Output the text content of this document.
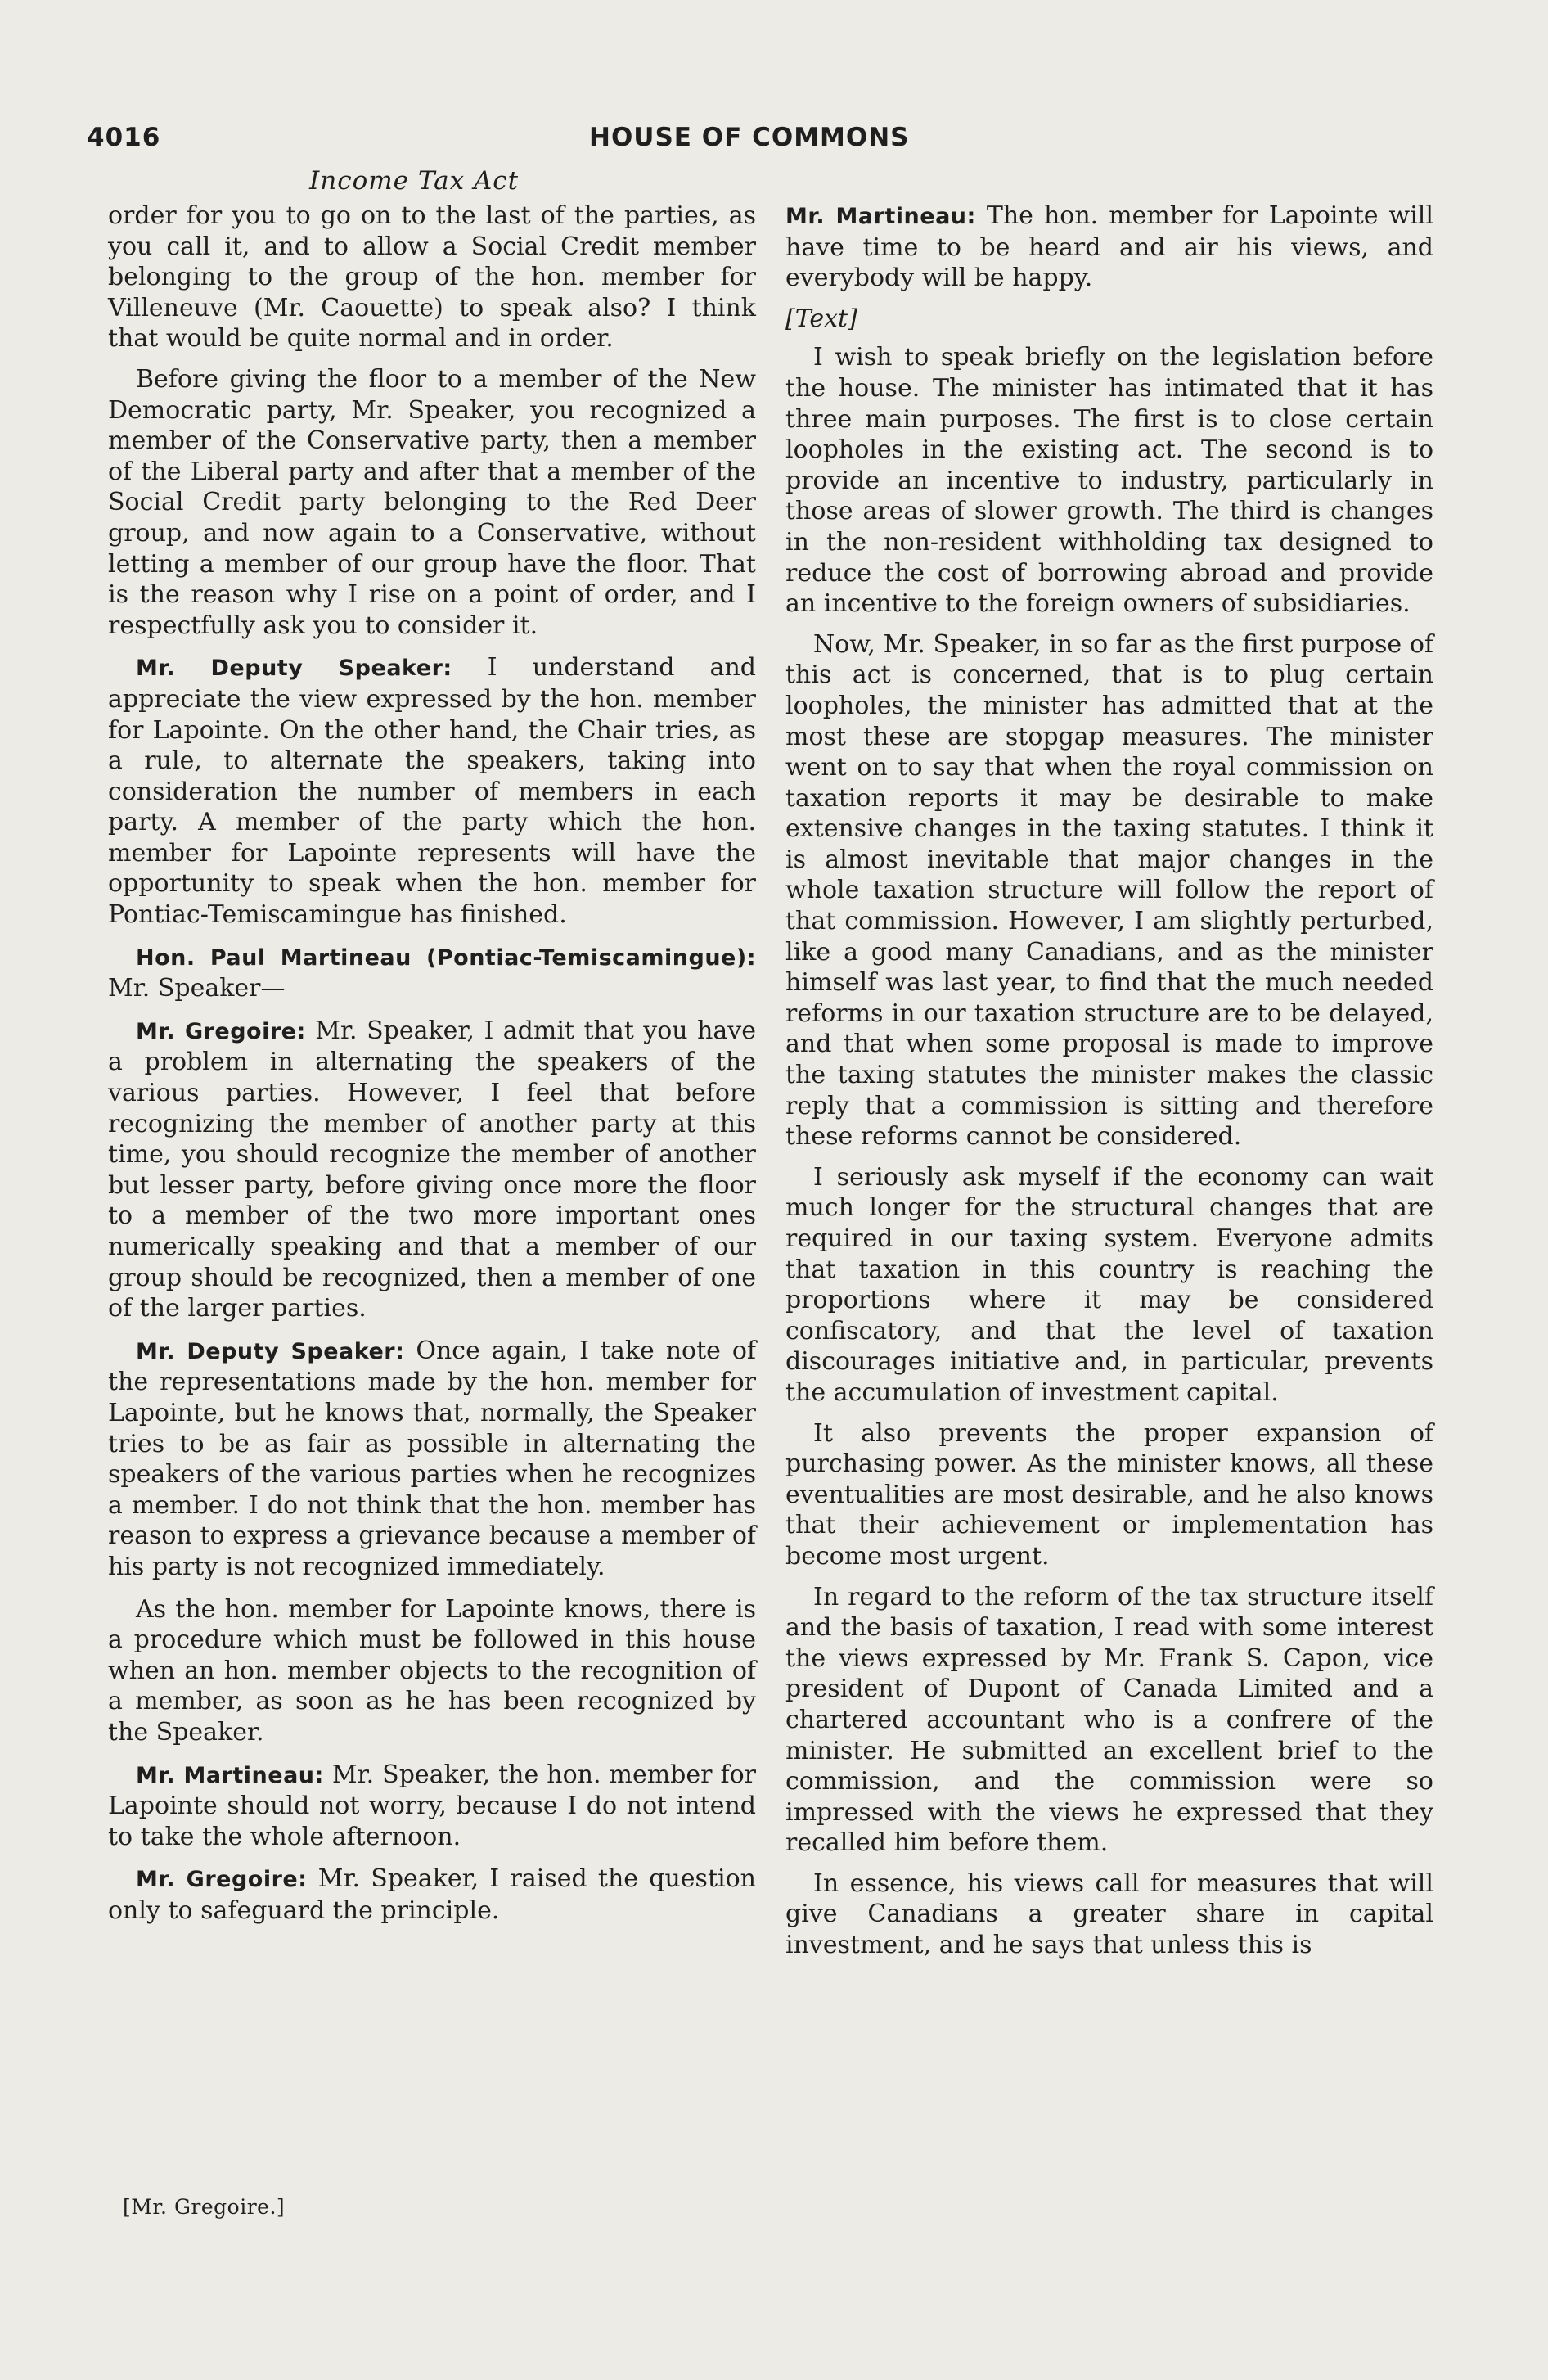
4016	HOUSE OF COMMONS
Income Tax Act

order for you to go on to the last of the parties, as you call it, and to allow a Social Credit member belonging to the group of the hon. member for Villeneuve (Mr. Caouette) to speak also? I think that would be quite normal and in order.

Before giving the floor to a member of the New Democratic party, Mr. Speaker, you recognized a member of the Conservative party, then a member of the Liberal party and after that a member of the Social Credit party belonging to the Red Deer group, and now again to a Conservative, without letting a member of our group have the floor. That is the reason why I rise on a point of order, and I respectfully ask you to consider it.

Mr. Deputy Speaker: I understand and appreciate the view expressed by the hon. member for Lapointe. On the other hand, the Chair tries, as a rule, to alternate the speakers, taking into consideration the number of members in each party. A member of the party which the hon. member for Lapointe represents will have the opportunity to speak when the hon. member for Pontiac-Temiscamingue has finished.

Hon. Paul Martineau (Pontiac-Temiscamingue): Mr. Speaker—

Mr. Gregoire: Mr. Speaker, I admit that you have a problem in alternating the speakers of the various parties. However, I feel that before recognizing the member of another party at this time, you should recognize the member of another but lesser party, before giving once more the floor to a member of the two more important ones numerically speaking and that a member of our group should be recognized, then a member of one of the larger parties.

Mr. Deputy Speaker: Once again, I take note of the representations made by the hon. member for Lapointe, but he knows that, normally, the Speaker tries to be as fair as possible in alternating the speakers of the various parties when he recognizes a member. I do not think that the hon. member has reason to express a grievance because a member of his party is not recognized immediately.

As the hon. member for Lapointe knows, there is a procedure which must be followed in this house when an hon. member objects to the recognition of a member, as soon as he has been recognized by the Speaker.

Mr. Martineau: Mr. Speaker, the hon. member for Lapointe should not worry, because I do not intend to take the whole afternoon.

Mr. Gregoire: Mr. Speaker, I raised the question only to safeguard the principle.

Mr. Martineau: The hon. member for Lapointe will have time to be heard and air his views, and everybody will be happy.

[Text]

I wish to speak briefly on the legislation before the house. The minister has intimated that it has three main purposes. The first is to close certain loopholes in the existing act. The second is to provide an incentive to industry, particularly in those areas of slower growth. The third is changes in the non-resident withholding tax designed to reduce the cost of borrowing abroad and provide an incentive to the foreign owners of subsidiaries.

Now, Mr. Speaker, in so far as the first purpose of this act is concerned, that is to plug certain loopholes, the minister has admitted that at the most these are stopgap measures. The minister went on to say that when the royal commission on taxation reports it may be desirable to make extensive changes in the taxing statutes. I think it is almost inevitable that major changes in the whole taxation structure will follow the report of that commission. However, I am slightly perturbed, like a good many Canadians, and as the minister himself was last year, to find that the much needed reforms in our taxation structure are to be delayed, and that when some proposal is made to improve the taxing statutes the minister makes the classic reply that a commission is sitting and therefore these reforms cannot be considered.

I seriously ask myself if the economy can wait much longer for the structural changes that are required in our taxing system. Everyone admits that taxation in this country is reaching the proportions where it may be considered confiscatory, and that the level of taxation discourages initiative and, in particular, prevents the accumulation of investment capital.

It also prevents the proper expansion of purchasing power. As the minister knows, all these eventualities are most desirable, and he also knows that their achievement or implementation has become most urgent.

In regard to the reform of the tax structure itself and the basis of taxation, I read with some interest the views expressed by Mr. Frank S. Capon, vice president of Dupont of Canada Limited and a chartered accountant who is a confrere of the minister. He submitted an excellent brief to the commission, and the commission were so impressed with the views he expressed that they recalled him before them.

In essence, his views call for measures that will give Canadians a greater share in capital investment, and he says that unless this is

[Mr. Gregoire.]
